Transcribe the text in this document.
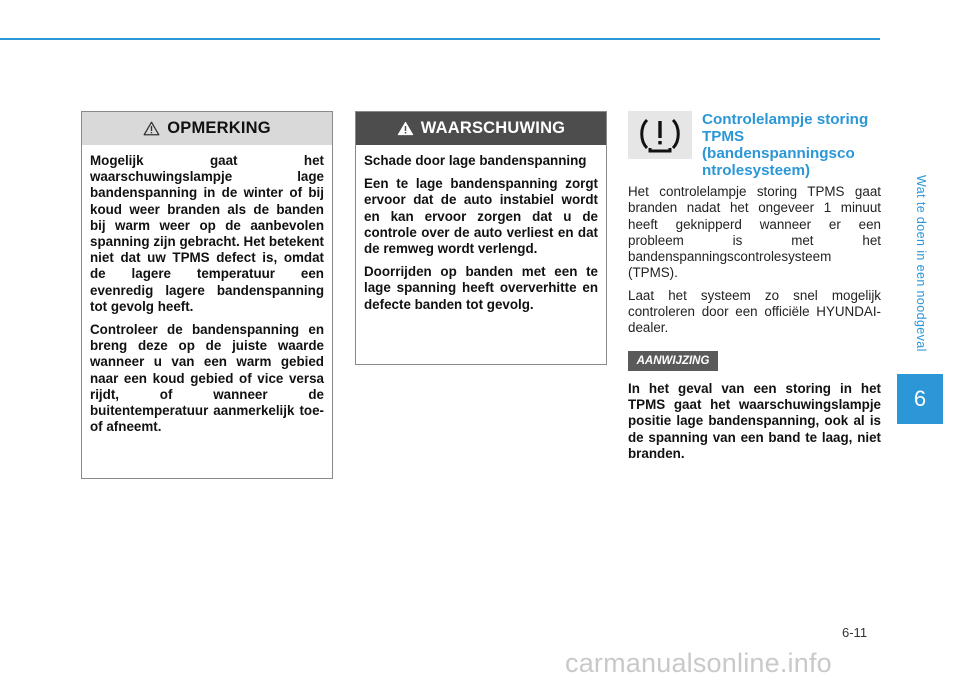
Wat te doen in een noodgeval
6
6-11
OPMERKING

Mogelijk gaat het waarschuwingslampje lage bandenspanning in de winter of bij koud weer branden als de banden bij warm weer op de aanbevolen spanning zijn gebracht. Het betekent niet dat uw TPMS defect is, omdat de lagere temperatuur een evenredig lagere bandenspanning tot gevolg heeft.

Controleer de bandenspanning en breng deze op de juiste waarde wanneer u van een warm gebied naar een koud gebied of vice versa rijdt, of wanneer de buitentemperatuur aanmerkelijk toe- of afneemt.

WAARSCHUWING

Schade door lage bandenspanning

Een te lage bandenspanning zorgt ervoor dat de auto instabiel wordt en kan ervoor zorgen dat u de controle over de auto verliest en dat de remweg wordt verlengd.

Doorrijden op banden met een te lage spanning heeft oververhitte en defecte banden tot gevolg.

Controlelampje storing TPMS (bandenspanningsco ntrolesysteem)

Het controlelampje storing TPMS gaat branden nadat het ongeveer 1 minuut heeft geknipperd wanneer er een probleem is met het bandenspanningscontrolesysteem (TPMS).

Laat het systeem zo snel mogelijk controleren door een officiële HYUNDAI-dealer.

AANWIJZING

In het geval van een storing in het TPMS gaat het waarschuwingslampje positie lage bandenspanning, ook al is de spanning van een band te laag, niet branden.

carmanualsonline.info
